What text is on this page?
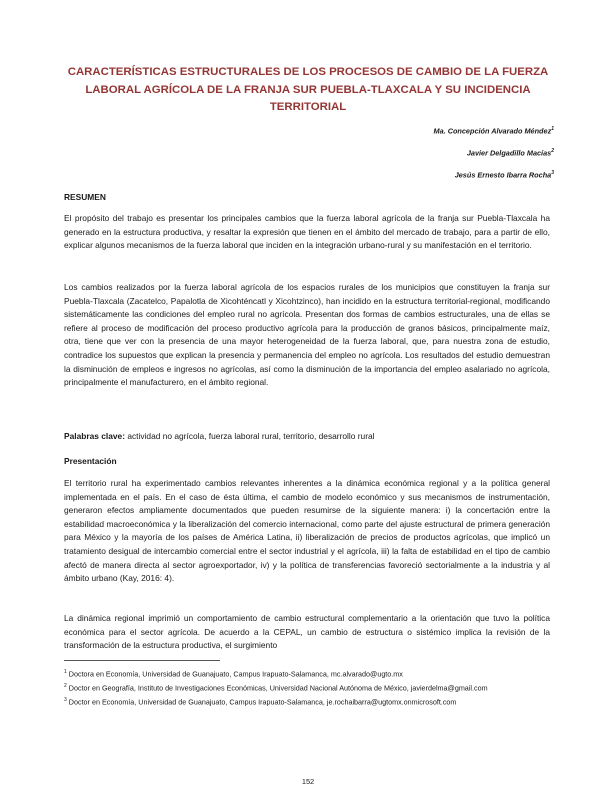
CARACTERÍSTICAS ESTRUCTURALES DE LOS PROCESOS DE CAMBIO DE LA FUERZA LABORAL AGRÍCOLA DE LA FRANJA SUR PUEBLA-TLAXCALA Y SU INCIDENCIA TERRITORIAL
Ma. Concepción Alvarado Méndez$^1$
Javier Delgadillo Macías$^2$
Jesús Ernesto Ibarra Rocha$^3$
RESUMEN

El propósito del trabajo es presentar los principales cambios que la fuerza laboral agrícola de la franja sur Puebla-Tlaxcala ha generado en la estructura productiva, y resaltar la expresión que tienen en el ámbito del mercado de trabajo, para a partir de ello, explicar algunos mecanismos de la fuerza laboral que inciden en la integración urbano-rural y su manifestación en el territorio.

Los cambios realizados por la fuerza laboral agrícola de los espacios rurales de los municipios que constituyen la franja sur Puebla-Tlaxcala (Zacatelco, Papalotla de Xicohténcatl y Xicohtzinco), han incidido en la estructura territorial-regional, modificando sistemáticamente las condiciones del empleo rural no agrícola. Presentan dos formas de cambios estructurales, una de ellas se refiere al proceso de modificación del proceso productivo agrícola para la producción de granos básicos, principalmente maíz, otra, tiene que ver con la presencia de una mayor heterogeneidad de la fuerza laboral, que, para nuestra zona de estudio, contradice los supuestos que explican la presencia y permanencia del empleo no agrícola. Los resultados del estudio demuestran la disminución de empleos e ingresos no agrícolas, así como la disminución de la importancia del empleo asalariado no agrícola, principalmente el manufacturero, en el ámbito regional.

Palabras clave: actividad no agrícola, fuerza laboral rural, territorio, desarrollo rural

Presentación

El territorio rural ha experimentado cambios relevantes inherentes a la dinámica económica regional y a la política general implementada en el país. En el caso de ésta última, el cambio de modelo económico y sus mecanismos de instrumentación, generaron efectos ampliamente documentados que pueden resumirse de la siguiente manera: i) la concertación entre la estabilidad macroeconómica y la liberalización del comercio internacional, como parte del ajuste estructural de primera generación para México y la mayoría de los países de América Latina, ii) liberalización de precios de productos agrícolas, que implicó un tratamiento desigual de intercambio comercial entre el sector industrial y el agrícola, iii) la falta de estabilidad en el tipo de cambio afectó de manera directa al sector agroexportador, iv) y la política de transferencias favoreció sectorialmente a la industria y al ámbito urbano (Kay, 2016: 4).

La dinámica regional imprimió un comportamiento de cambio estructural complementario a la orientación que tuvo la política económica para el sector agrícola. De acuerdo a la CEPAL, un cambio de estructura o sistémico implica la revisión de la transformación de la estructura productiva, el surgimiento

$^1$ Doctora en Economía, Universidad de Guanajuato, Campus Irapuato-Salamanca, mc.alvarado@ugto.mx

$^2$ Doctor en Geografía, Instituto de Investigaciones Económicas, Universidad Nacional Autónoma de México, javierdelma@gmail.com

$^3$ Doctor en Economía, Universidad de Guanajuato, Campus Irapuato-Salamanca, je.rochaibarra@ugtomx.onmicrosoft.com

152
